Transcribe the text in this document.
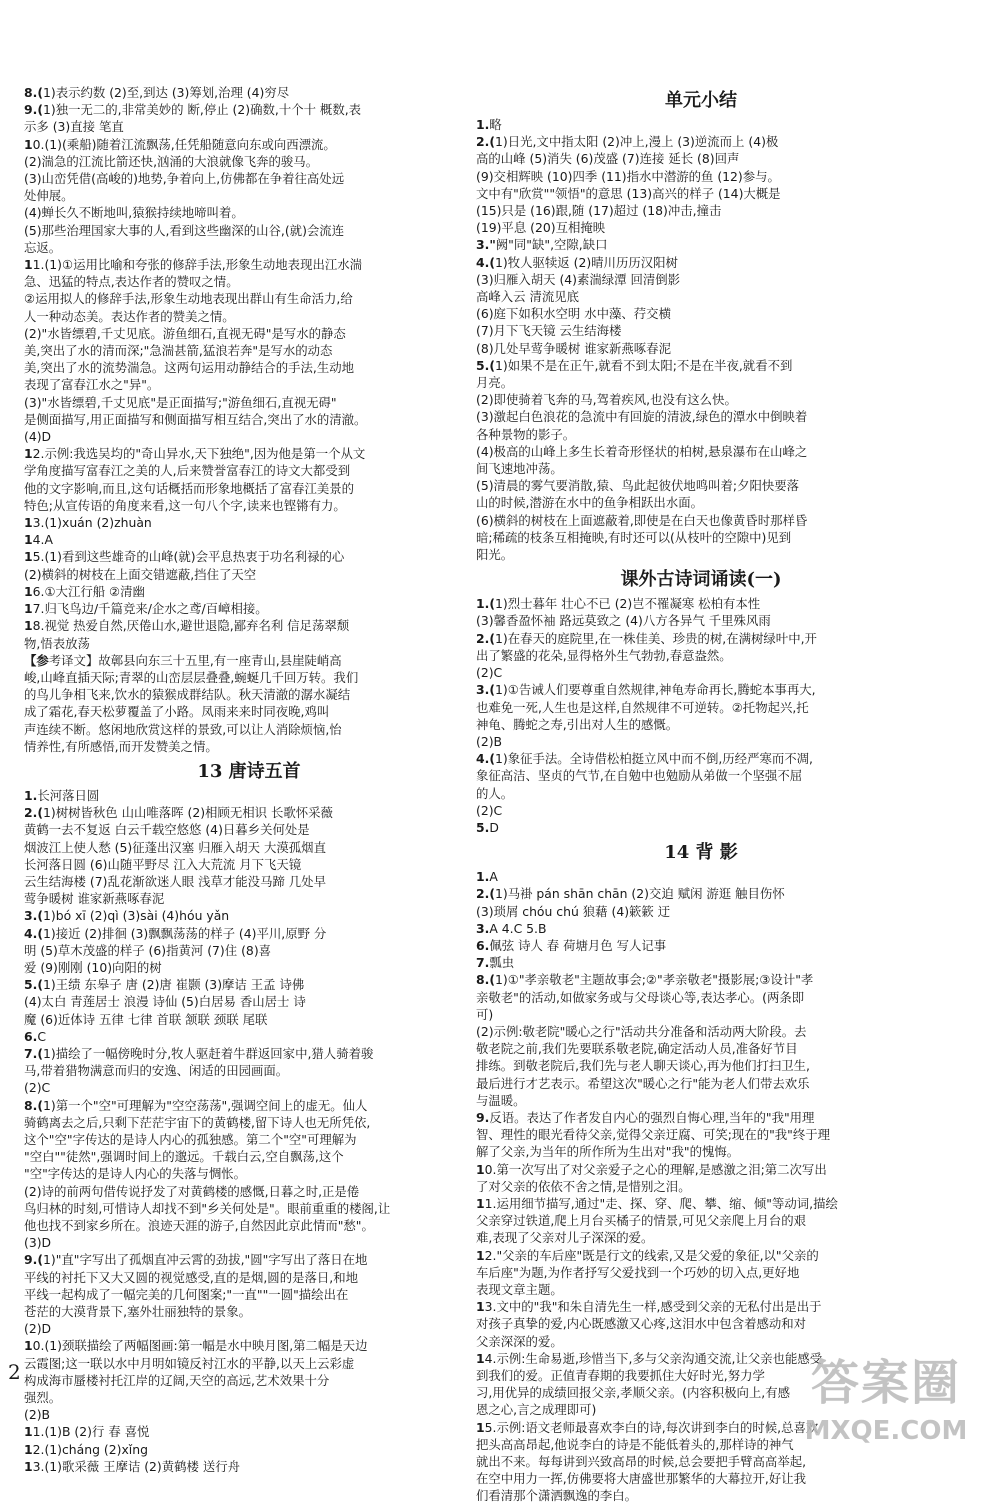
8.(1)表示约数 (2)至,到达 (3)筹划,治理 (4)穷尽
9.(1)独一无二的,非常美妙的 断,停止 (2)确数,十个十 概数,表
示多 (3)直接 笔直
10.(1)(乘船)随着江流飘荡,任凭船随意向东或向西漂流。
(2)湍急的江流比箭还快,汹涌的大浪就像飞奔的骏马。
(3)山峦凭借(高峻的)地势,争着向上,仿佛都在争着往高处远
处伸展。
(4)蝉长久不断地叫,猿猴持续地啼叫着。
(5)那些治理国家大事的人,看到这些幽深的山谷,(就)会流连
忘返。
11.(1)①运用比喻和夸张的修辞手法,形象生动地表现出江水湍
急、迅猛的特点,表达作者的赞叹之情。
②运用拟人的修辞手法,形象生动地表现出群山有生命活力,给
人一种动态美。表达作者的赞美之情。
(2)"水皆缥碧,千丈见底。游鱼细石,直视无碍"是写水的静态
美,突出了水的清而深;"急湍甚箭,猛浪若奔"是写水的动态
美,突出了水的流势湍急。这两句运用动静结合的手法,生动地
表现了富春江水之"异"。
(3)"水皆缥碧,千丈见底"是正面描写;"游鱼细石,直视无碍"
是侧面描写,用正面描写和侧面描写相互结合,突出了水的清澈。
(4)D
12.示例:我选吴均的"奇山异水,天下独绝",因为他是第一个从文
学角度描写富春江之美的人,后来赞誉富春江的诗文大都受到
他的文字影响,而且,这句话概括而形象地概括了富春江美景的
特色;从宣传语的角度来看,这一句八个字,读来也铿锵有力。
13.(1)xuán (2)zhuàn
14.A
15.(1)看到这些雄奇的山峰(就)会平息热衷于功名利禄的心
(2)横斜的树枝在上面交错遮蔽,挡住了天空
16.①大江行船 ②清幽
17.归飞鸟边/千篇竞来/企水之鸢/百嶂相接。
18.视觉 热爱自然,厌倦山水,避世退隐,鄙弃名利 信足荡翠颓
物,悟表放荡
【参考译文】故鄣县向东三十五里,有一座青山,县崖陡峭高
峻,山峰直插天际;青翠的山峦层层叠叠,蜿蜒几千回万转。我们
的鸟儿争相飞来,饮水的猿猴成群结队。秋天清澈的潺水凝结
成了霜花,春天松萝覆盖了小路。凤雨来来时同夜晚,鸡叫
声连续不断。悠闲地欣赏这样的景致,可以让人消除烦恼,怡
情养性,有所感悟,而开发赞美之情。
13 唐诗五首
1.长河落日圆
2.(1)树树皆秋色 山山唯落晖 (2)相顾无相识 长歌怀采薇
黄鹤一去不复返 白云千载空悠悠 (4)日暮乡关何处是
烟波江上使人愁 (5)征蓬出汉塞 归雁入胡天 大漠孤烟直
长河落日圆 (6)山随平野尽 江入大荒流 月下飞天镜
云生结海楼 (7)乱花渐欲迷人眼 浅草才能没马蹄 几处早
莺争暖树 谁家新燕啄春泥
3.(1)bó xī (2)qì (3)sài (4)hóu yǎn
4.(1)接近 (2)排徊 (3)飘飘荡荡的样子 (4)平川,原野 分
明 (5)草木茂盛的样子 (6)指黄河 (7)住 (8)喜
爱 (9)刚刚 (10)向阳的树
5.(1)王绩 东皋子 唐 (2)唐 崔颢 (3)摩诘 王孟 诗佛
(4)太白 青莲居士 浪漫 诗仙 (5)白居易 香山居士 诗
魔 (6)近体诗 五律 七律 首联 颔联 颈联 尾联
6.C
7.(1)描绘了一幅傍晚时分,牧人驱赶着牛群返回家中,猎人骑着骏
马,带着猎物满意而归的安逸、闲适的田园画面。
(2)C
8.(1)第一个"空"可理解为"空空荡荡",强调空间上的虚无。仙人
骑鹤离去之后,只剩下茫茫宇宙下的黄鹤楼,留下诗人也无所凭依,
这个"空"字传达的是诗人内心的孤独感。第二个"空"可理解为
"空白""徒然",强调时间上的邈远。千载白云,空自飘荡,这个
"空"字传达的是诗人内心的失落与惆怅。
(2)诗的前两句借传说抒发了对黄鹤楼的感慨,日暮之时,正是倦
鸟归林的时刻,可惜诗人却找不到"乡关何处是"。眼前重重的楼阁,让
他也找不到家乡所在。浪迹天涯的游子,自然因此京此情而"愁"。
(3)D
9.(1)"直"字写出了孤烟直冲云霄的劲拔,"圆"字写出了落日在地
平线的衬托下又大又圆的视觉感受,直的是烟,圆的是落日,和地
平线一起构成了一幅完美的几何图案;"一直""一圆"描绘出在
苍茫的大漠背景下,塞外壮丽独特的景象。
(2)D
10.(1)颈联描绘了两幅图画:第一幅是水中映月图,第二幅是天边
云霞图;这一联以水中月明如镜反衬江水的平静,以天上云彩虚
构成海市蜃楼衬托江岸的辽阔,天空的高远,艺术效果十分
强烈。
(2)B
11.(1)B (2)行 春 喜悦
12.(1)cháng (2)xǐng
13.(1)歌采薇 王摩诘 (2)黄鹤楼 送行舟
单元小结
1.略
2.(1)日光,文中指太阳 (2)冲上,漫上 (3)逆流而上 (4)极
高的山峰 (5)消失 (6)茂盛 (7)连接 延长 (8)回声
(9)交相辉映 (10)四季 (11)指水中潜游的鱼 (12)参与。
文中有"欣赏""领悟"的意思 (13)高兴的样子 (14)大概是
(15)只是 (16)跟,随 (17)超过 (18)冲击,撞击
(19)平息 (20)互相掩映
3."阙"同"缺",空隙,缺口
4.(1)牧人驱犊返 (2)晴川历历汉阳树
(3)归雁入胡天 (4)素湍绿潭 回清倒影
高峰入云 清流见底
(6)庭下如积水空明 水中藻、荇交横
(7)月下飞天镜 云生结海楼
(8)几处早莺争暖树 谁家新燕啄春泥
5.(1)如果不是在正午,就看不到太阳;不是在半夜,就看不到
月亮。
(2)即使骑着飞奔的马,驾着疾风,也没有这么快。
(3)激起白色浪花的急流中有回旋的清波,绿色的潭水中倒映着
各种景物的影子。
(4)极高的山峰上多生长着奇形怪状的柏树,悬泉瀑布在山峰之
间飞速地冲荡。
(5)清晨的雾气要消散,猿、鸟此起彼伏地鸣叫着;夕阳快要落
山的时候,潜游在水中的鱼争相跃出水面。
(6)横斜的树枝在上面遮蔽着,即使是在白天也像黄昏时那样昏
暗;稀疏的枝条互相掩映,有时还可以(从枝叶的空隙中)见到
阳光。
课外古诗词诵读(一)
1.(1)烈士暮年 壮心不已 (2)岂不罹凝寒 松柏有本性
(3)馨香盈怀袖 路远莫致之 (4)八方各异气 千里殊风雨
2.(1)在春天的庭院里,在一株佳美、珍贵的树,在满树绿叶中,开
出了繁盛的花朵,显得格外生气勃勃,春意盎然。
(2)C
3.(1)①告诫人们要尊重自然规律,神龟寿命再长,腾蛇本事再大,
也难免一死,人生也是这样,自然规律不可逆转。②托物起兴,托
神龟、腾蛇之寿,引出对人生的感慨。
(2)B
4.(1)象征手法。全诗借松柏挺立风中而不倒,历经严寒而不凋,
象征高洁、坚贞的气节,在自勉中也勉励从弟做一个坚强不屈
的人。
(2)C
5.D
14 背 影
1.A
2.(1)马褂 pán shān chān (2)交迫 赋闲 游逛 触目伤怀
(3)琐屑 chóu chú 狼藉 (4)簌簌 迂
3.A 4.C 5.B
6.佩弦 诗人 春 荷塘月色 写人记事
7.瓢虫
8.(1)①"孝亲敬老"主题故事会;②"孝亲敬老"摄影展;③设计"孝
亲敬老"的活动,如做家务或与父母谈心等,表达孝心。(两条即
可)
(2)示例:敬老院"暖心之行"活动共分准备和活动两大阶段。去
敬老院之前,我们先要联系敬老院,确定活动人员,准备好节目
排练。到敬老院后,我们先与老人聊天谈心,再为他们打扫卫生,
最后进行才艺表示。希望这次"暖心之行"能为老人们带去欢乐
与温暖。
9.反语。表达了作者发自内心的强烈自悔心理,当年的"我"用理
智、理性的眼光看待父亲,觉得父亲迂腐、可笑;现在的"我"终于理
解了父亲,为当年的所作所为生出对"我"的愧悔。
10.第一次写出了对父亲爱子之心的理解,是感激之泪;第二次写出
了对父亲的依依不舍之情,是惜别之泪。
11.运用细节描写,通过"走、探、穿、爬、攀、缩、倾"等动词,描绘
父亲穿过铁道,爬上月台买橘子的情景,可见父亲爬上月台的艰
难,表现了父亲对儿子深深的爱。
12."父亲的车后座"既是行文的线索,又是父爱的象征,以"父亲的
车后座"为题,为作者抒写父爱找到一个巧妙的切入点,更好地
表现文章主题。
13.文中的"我"和朱自清先生一样,感受到父亲的无私付出是出于
对孩子真挚的爱,内心既感激又心疼,这泪水中包含着感动和对
父亲深深的爱。
14.示例:生命易逝,珍惜当下,多与父亲沟通交流,让父亲也能感受
到我们的爱。正值青春期的我要抓住大好时光,努力学
习,用优异的成绩回报父亲,孝顺父亲。(内容积极向上,有感
恩之心,言之成理即可)
15.示例:语文老师最喜欢李白的诗,每次讲到李白的时候,总喜欢
把头高高昂起,他说李白的诗是不能低着头的,那样诗的神气
就出不来。每每讲到兴致高昂的时候,总会要把手臂高高举起,
在空中用力一挥,仿佛要将大唐盛世那繁华的大幕拉开,好让我
们看清那个潇洒飘逸的李白。
2	答案圈
MXQE.COM
